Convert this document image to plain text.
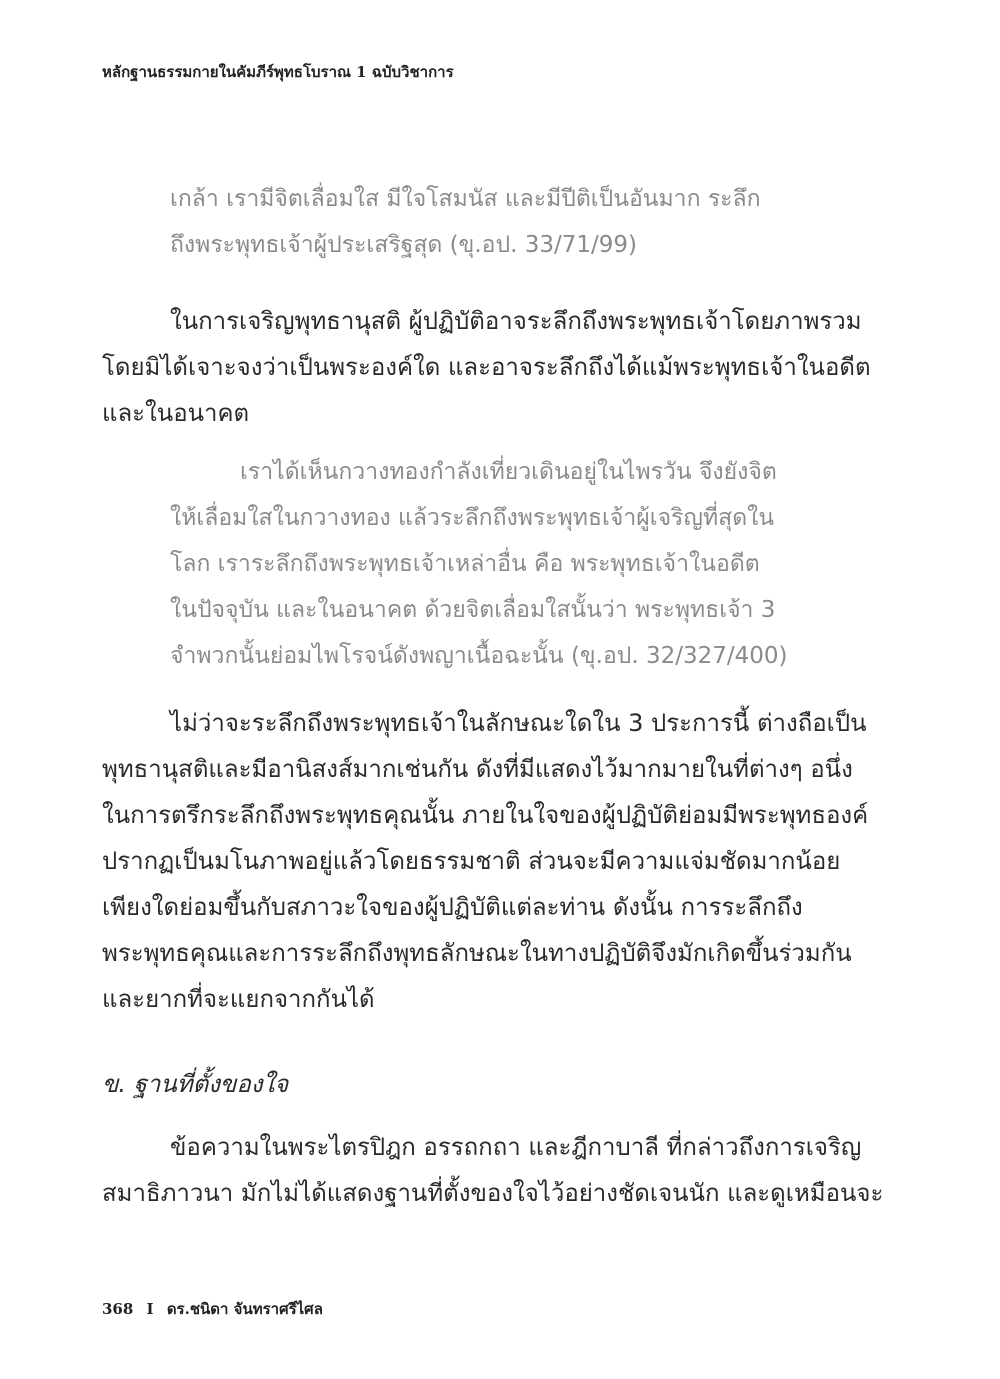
หลักฐานธรรมกายในคัมภีร์พุทธโบราณ 1 ฉบับวิชาการ
เกล้า เรามีจิตเลื่อมใส มีใจโสมนัส และมีปีติเป็นอันมาก ระลึก
ถึงพระพุทธเจ้าผู้ประเสริฐสุด (ขุ.อป. 33/71/99)
ในการเจริญพุทธานุสติ ผู้ปฏิบัติอาจระลึกถึงพระพุทธเจ้าโดยภาพรวม
โดยมิได้เจาะจงว่าเป็นพระองค์ใด และอาจระลึกถึงได้แม้พระพุทธเจ้าในอดีต
และในอนาคต
เราได้เห็นกวางทองกำลังเที่ยวเดินอยู่ในไพรวัน จึงยังจิต
ให้เลื่อมใสในกวางทอง แล้วระลึกถึงพระพุทธเจ้าผู้เจริญที่สุดใน
โลก เราระลึกถึงพระพุทธเจ้าเหล่าอื่น คือ พระพุทธเจ้าในอดีต
ในปัจจุบัน และในอนาคต ด้วยจิตเลื่อมใสนั้นว่า พระพุทธเจ้า 3
จำพวกนั้นย่อมไพโรจน์ดังพญาเนื้อฉะนั้น (ขุ.อป. 32/327/400)
ไม่ว่าจะระลึกถึงพระพุทธเจ้าในลักษณะใดใน 3 ประการนี้ ต่างถือเป็น
พุทธานุสติและมีอานิสงส์มากเช่นกัน ดังที่มีแสดงไว้มากมายในที่ต่างๆ อนึ่ง
ในการตรึกระลึกถึงพระพุทธคุณนั้น ภายในใจของผู้ปฏิบัติย่อมมีพระพุทธองค์
ปรากฏเป็นมโนภาพอยู่แล้วโดยธรรมชาติ ส่วนจะมีความแจ่มชัดมากน้อย
เพียงใดย่อมขึ้นกับสภาวะใจของผู้ปฏิบัติแต่ละท่าน ดังนั้น การระลึกถึง
พระพุทธคุณและการระลึกถึงพุทธลักษณะในทางปฏิบัติจึงมักเกิดขึ้นร่วมกัน
และยากที่จะแยกจากกันได้
ข. ฐานที่ตั้งของใจ
ข้อความในพระไตรปิฎก อรรถกถา และฎีกาบาลี ที่กล่าวถึงการเจริญ
สมาธิภาวนา มักไม่ได้แสดงฐานที่ตั้งของใจไว้อย่างชัดเจนนัก และดูเหมือนจะ
368 I ดร.ชนิดา จันทราศรีไศล
